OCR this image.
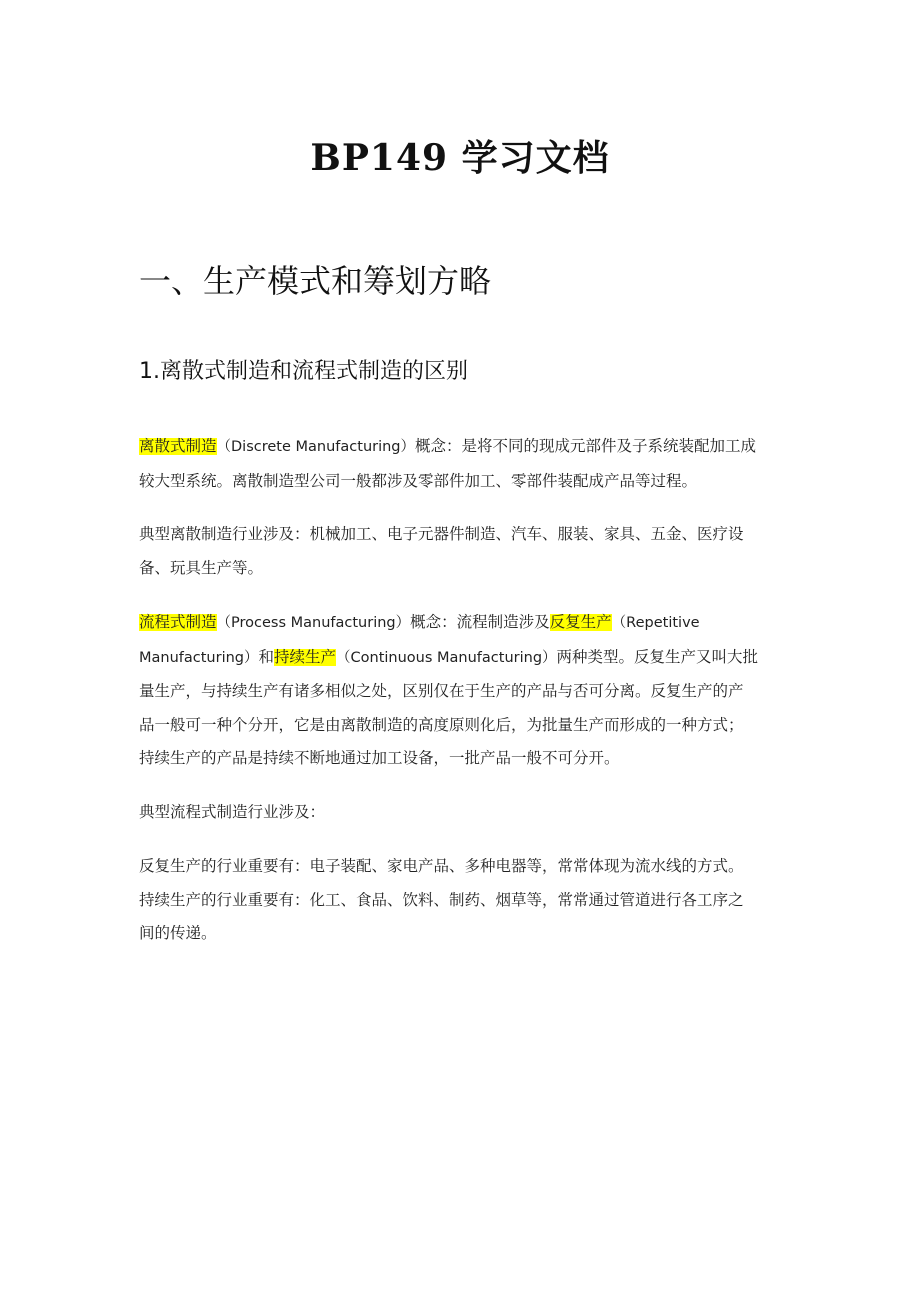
BP149 学习文档
一、生产模式和筹划方略
1.离散式制造和流程式制造的区别
离散式制造（Discrete Manufacturing）概念：是将不同的现成元部件及子系统装配加工成
较大型系统。离散制造型公司一般都涉及零部件加工、零部件装配成产品等过程。
典型离散制造行业涉及：机械加工、电子元器件制造、汽车、服装、家具、五金、医疗设
备、玩具生产等。
流程式制造（Process Manufacturing）概念：流程制造涉及反复生产（Repetitive
Manufacturing）和持续生产（Continuous Manufacturing）两种类型。反复生产又叫大批
量生产，与持续生产有诸多相似之处，区别仅在于生产的产品与否可分离。反复生产的产
品一般可一种个分开，它是由离散制造的高度原则化后，为批量生产而形成的一种方式；
持续生产的产品是持续不断地通过加工设备，一批产品一般不可分开。
典型流程式制造行业涉及：
反复生产的行业重要有：电子装配、家电产品、多种电器等，常常体现为流水线的方式。
持续生产的行业重要有：化工、食品、饮料、制药、烟草等，常常通过管道进行各工序之
间的传递。
